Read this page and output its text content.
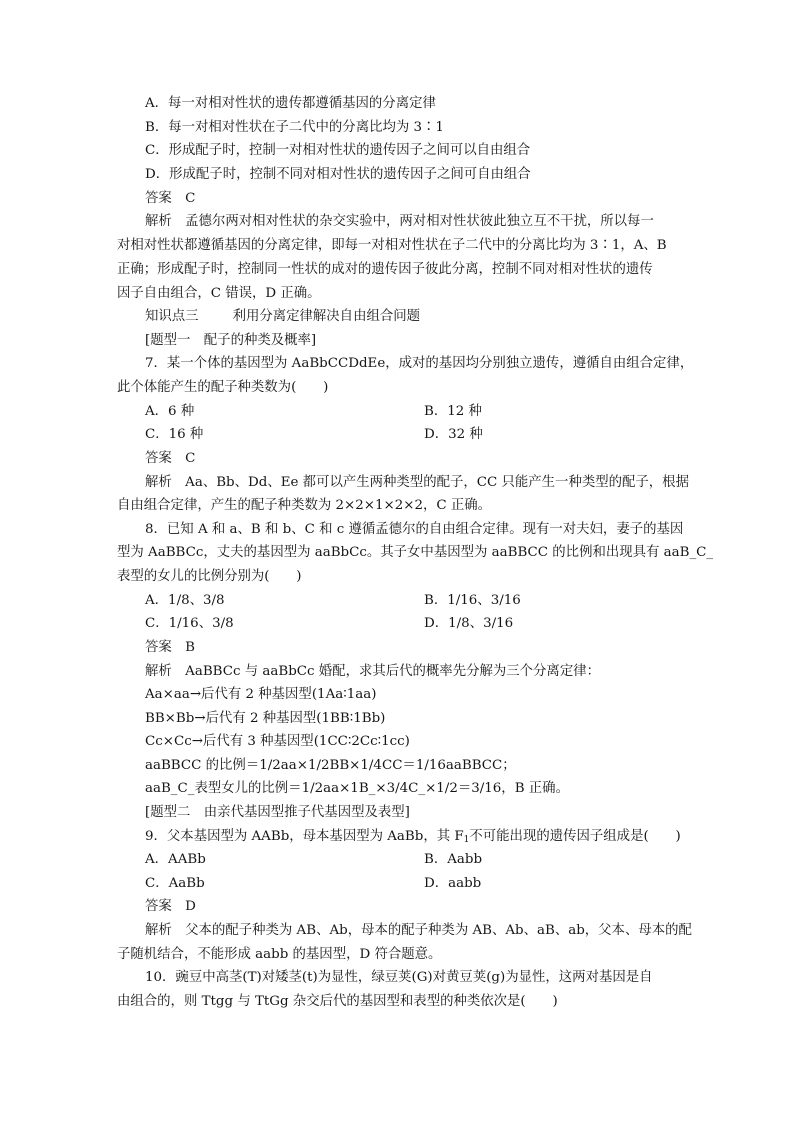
A．每一对相对性状的遗传都遵循基因的分离定律
B．每一对相对性状在子二代中的分离比均为 3∶1
C．形成配子时，控制一对相对性状的遗传因子之间可以自由组合
D．形成配子时，控制不同对相对性状的遗传因子之间可自由组合
答案　C
解析　孟德尔两对相对性状的杂交实验中，两对相对性状彼此独立互不干扰，所以每一
对相对性状都遵循基因的分离定律，即每一对相对性状在子二代中的分离比均为 3∶1，A、B
正确；形成配子时，控制同一性状的成对的遗传因子彼此分离，控制不同对相对性状的遗传
因子自由组合，C 错误，D 正确。
知识点三	利用分离定律解决自由组合问题
[题型一　配子的种类及概率]
7．某一个体的基因型为 AaBbCCDdEe，成对的基因均分别独立遗传，遵循自由组合定律，
此个体能产生的配子种类数为(　　)
A．6 种	B．12 种
C．16 种	D．32 种
答案　C
解析　Aa、Bb、Dd、Ee 都可以产生两种类型的配子，CC 只能产生一种类型的配子，根据
自由组合定律，产生的配子种类数为 2×2×1×2×2，C 正确。
8．已知 A 和 a、B 和 b、C 和 c 遵循孟德尔的自由组合定律。现有一对夫妇，妻子的基因
型为 AaBBCc，丈夫的基因型为 aaBbCc。其子女中基因型为 aaBBCC 的比例和出现具有 aaB_C_
表型的女儿的比例分别为(　　)
A．1/8、3/8	B．1/16、3/16
C．1/16、3/8	D．1/8、3/16
答案　B
解析　AaBBCc 与 aaBbCc 婚配，求其后代的概率先分解为三个分离定律：
Aa×aa→后代有 2 种基因型(1Aa∶1aa)
BB×Bb→后代有 2 种基因型(1BB∶1Bb)
Cc×Cc→后代有 3 种基因型(1CC∶2Cc∶1cc)
aaBBCC 的比例＝1/2aa×1/2BB×1/4CC＝1/16aaBBCC；
aaB_C_表型女儿的比例＝1/2aa×1B_×3/4C_×1/2＝3/16，B 正确。
[题型二　由亲代基因型推子代基因型及表型]
9．父本基因型为 AABb，母本基因型为 AaBb，其 $F_1$不可能出现的遗传因子组成是(　　)
A．AABb	B．Aabb
C．AaBb	D．aabb
答案　D
解析　父本的配子种类为 AB、Ab，母本的配子种类为 AB、Ab、aB、ab，父本、母本的配
子随机结合，不能形成 aabb 的基因型，D 符合题意。
10．豌豆中高茎(T)对矮茎(t)为显性，绿豆荚(G)对黄豆荚(g)为显性，这两对基因是自
由组合的，则 Ttgg 与 TtGg 杂交后代的基因型和表型的种类依次是(　　)
